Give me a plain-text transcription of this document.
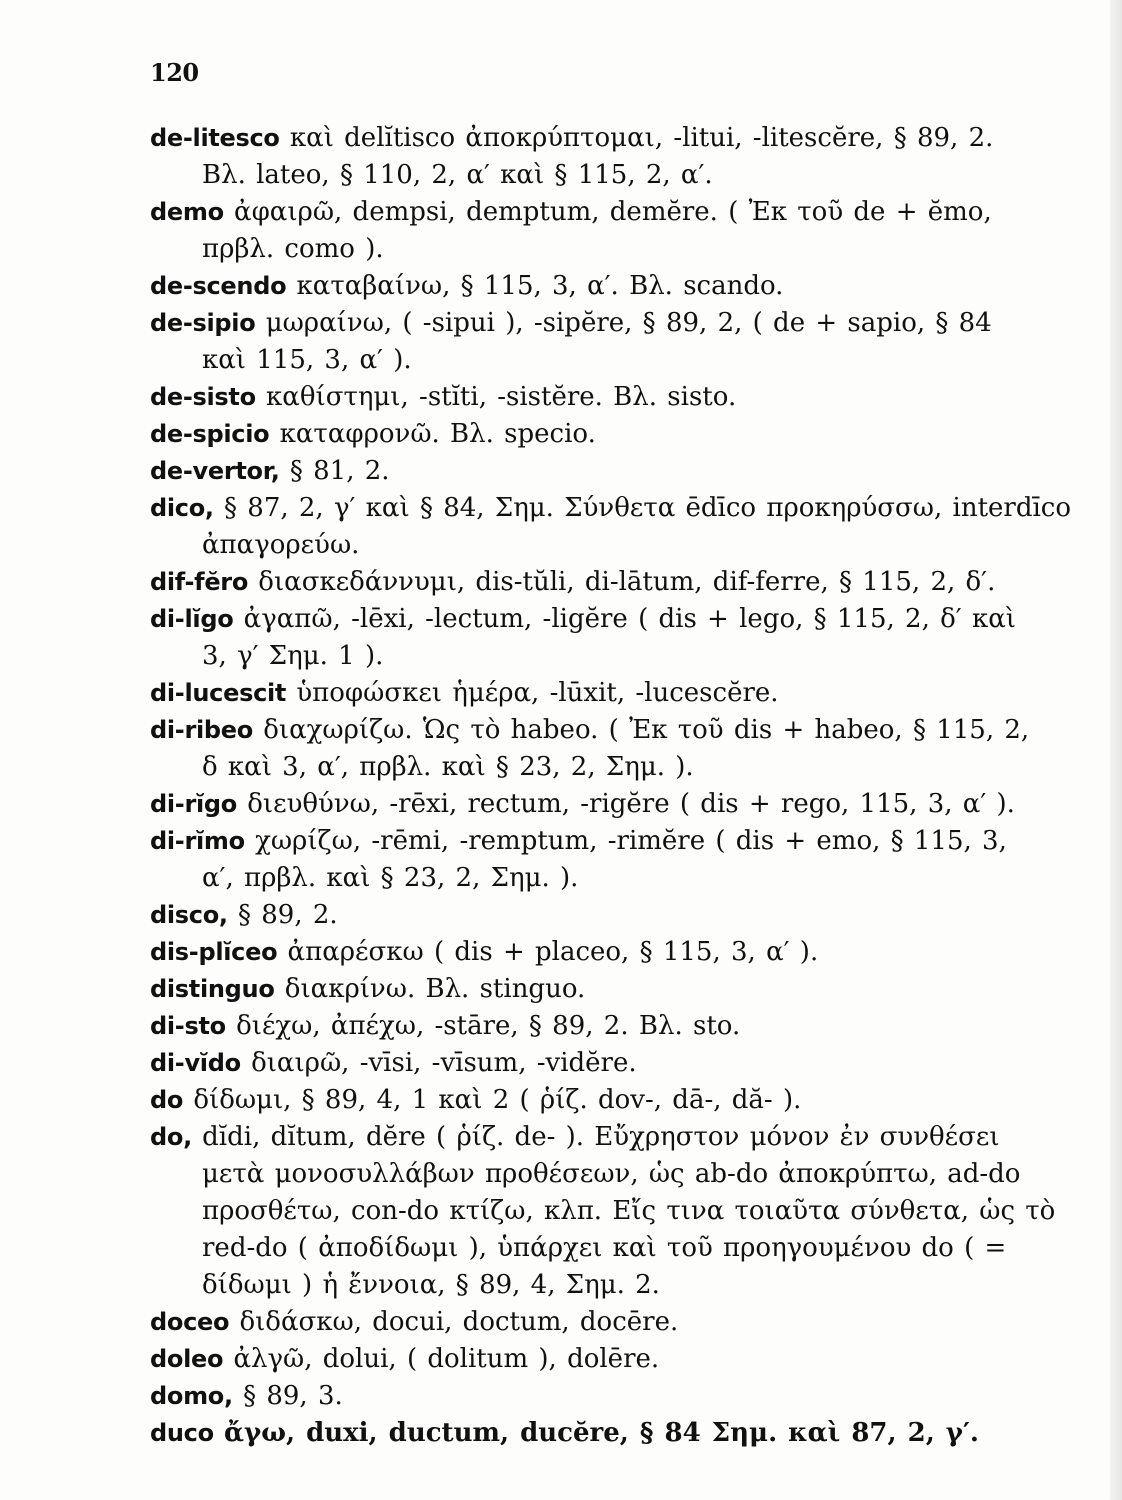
120
de-litesco καὶ delĭtisco ἀποκρύπτομαι, -litui, -litescĕre, § 89, 2.
Βλ. lateo, § 110, 2, α′ καὶ § 115, 2, α′.
demo ἀφαιρῶ, dempsi, demptum, demĕre. ( Ἐκ τοῦ de + ĕmo,
πρβλ. como ).
de-scendo καταβαίνω, § 115, 3, α′. Βλ. scando.
de-sipio μωραίνω, ( -sipui ), -sipĕre, § 89, 2, ( de + sapio, § 84
καὶ 115, 3, α′ ).
de-sisto καθίστημι, -stĭti, -sistĕre. Βλ. sisto.
de-spicio καταφρονῶ. Βλ. specio.
de-vertor, § 81, 2.
dico, § 87, 2, γ′ καὶ § 84, Σημ. Σύνθετα ēdīco προκηρύσσω, interdīco
ἀπαγορεύω.
dif-fĕro διασκεδάννυμι, dis-tŭli, di-lātum, dif-ferre, § 115, 2, δ′.
di-lĭgo ἀγαπῶ, -lēxi, -lectum, -ligĕre ( dis + lego, § 115, 2, δ′ καὶ
3, γ′ Σημ. 1 ).
di-lucescit ὑποφώσκει ἡμέρα, -lūxit, -lucescĕre.
di-ribeo διαχωρίζω. Ὡς τὸ habeo. ( Ἐκ τοῦ dis + habeo, § 115, 2,
δ καὶ 3, α′, πρβλ. καὶ § 23, 2, Σημ. ).
di-rĭgo διευθύνω, -rēxi, rectum, -rigĕre ( dis + rego, 115, 3, α′ ).
di-rĭmo χωρίζω, -rēmi, -remptum, -rimĕre ( dis + emo, § 115, 3,
α′, πρβλ. καὶ § 23, 2, Σημ. ).
disco, § 89, 2.
dis-plĭceo ἀπαρέσκω ( dis + placeo, § 115, 3, α′ ).
distinguo διακρίνω. Βλ. stinguo.
di-sto διέχω, ἀπέχω, -stāre, § 89, 2. Βλ. sto.
di-vĭdo διαιρῶ, -vīsi, -vīsum, -vidĕre.
do δίδωμι, § 89, 4, 1 καὶ 2 ( ῥίζ. dov-, dā-, dă- ).
do, dĭdi, dĭtum, dĕre ( ῥίζ. de- ). Εὔχρηστον μόνον ἐν συνθέσει
μετὰ μονοσυλλάβων προθέσεων, ὡς ab-do ἀποκρύπτω, ad-do προσθέτω, con-do κτίζω, κλπ. Εἴς τινα τοιαῦτα σύνθετα, ὡς τὸ red-do ( ἀποδίδωμι ), ὑπάρχει καὶ τοῦ προηγουμένου do ( = δίδωμι ) ἡ ἔννοια, § 89, 4, Σημ. 2.
doceo διδάσκω, docui, doctum, docēre.
doleo ἀλγῶ, dolui, ( dolitum ), dolēre.
domo, § 89, 3.
duco ἄγω, duxi, ductum, ducĕre, § 84 Σημ. καὶ 87, 2, γ′.
